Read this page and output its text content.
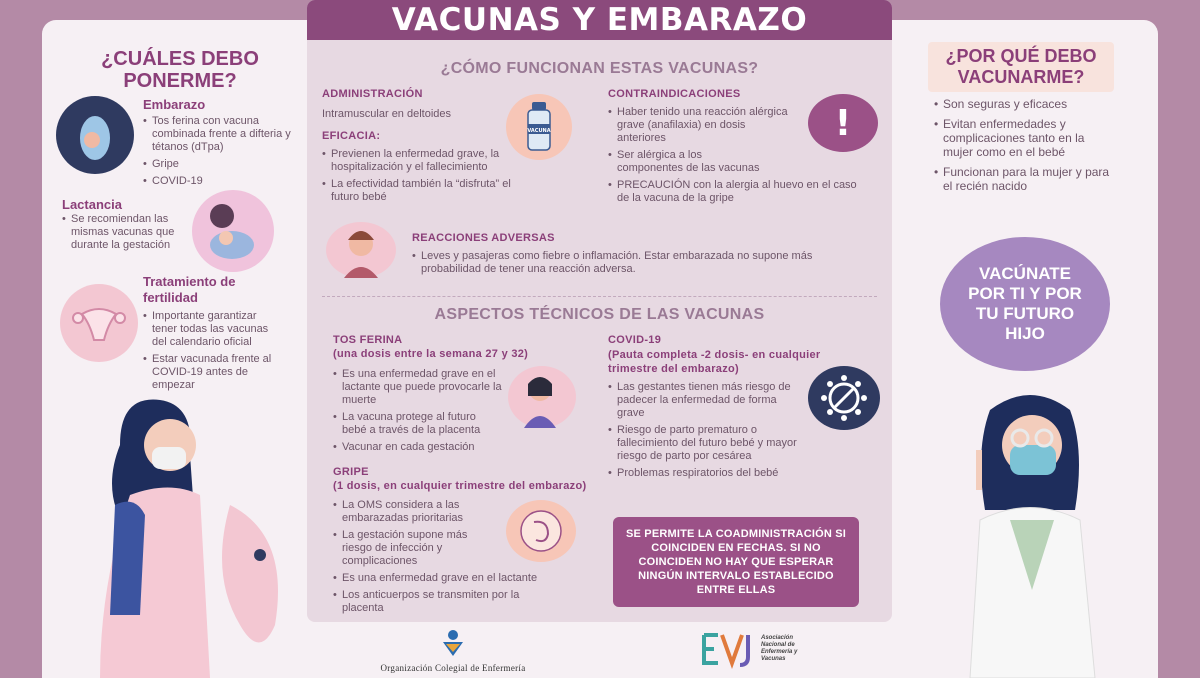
¿CUÁLES DEBO PONERME?
Embarazo
• Tos ferina con vacuna combinada frente a difteria y tétanos (dTpa)
• Gripe
• COVID-19
Lactancia
• Se recomiendan las mismas vacunas que durante la gestación
Tratamiento de fertilidad
• Importante garantizar tener todas las vacunas del calendario oficial
• Estar vacunada frente al COVID-19 antes de empezar
VACUNAS Y EMBARAZO
¿CÓMO FUNCIONAN ESTAS VACUNAS?
ADMINISTRACIÓN
Intramuscular en deltoides
EFICACIA:
• Previenen la enfermedad grave, la hospitalización y el fallecimiento
• La efectividad también la “disfruta” el futuro bebé
VACUNA
CONTRAINDICACIONES
• Haber tenido una reacción alérgica grave (anafilaxia) en dosis anteriores
• Ser alérgica a los componentes de las vacunas
• PRECAUCIÓN con la alergia al huevo en el caso de la vacuna de la gripe
!
REACCIONES ADVERSAS
• Leves y pasajeras como fiebre o inflamación. Estar embarazada no supone más probabilidad de tener una reacción adversa.
ASPECTOS TÉCNICOS DE LAS VACUNAS
TOS FERINA
(una dosis entre la semana 27 y 32)
• Es una enfermedad grave en el lactante que puede provocarle la muerte
• La vacuna protege al futuro bebé a través de la placenta
• Vacunar en cada gestación
GRIPE
(1 dosis, en cualquier trimestre del embarazo)
• La OMS considera a las embarazadas prioritarias
• La gestación supone más riesgo de infección y complicaciones
• Es una enfermedad grave en el lactante
• Los anticuerpos se transmiten por la placenta
COVID-19
(Pauta completa -2 dosis- en cualquier trimestre del embarazo)
• Las gestantes tienen más riesgo de padecer la enfermedad de forma grave
• Riesgo de parto prematuro o fallecimiento del futuro bebé y mayor riesgo de parto por cesárea
• Problemas respiratorios del bebé
SE PERMITE LA COADMINISTRACIÓN SI COINCIDEN EN FECHAS. SI NO COINCIDEN NO HAY QUE ESPERAR NINGÚN INTERVALO ESTABLECIDO ENTRE ELLAS
Organización Colegial de Enfermería
Asociación
Nacional de
Enfermería y
Vacunas
¿POR QUÉ DEBO VACUNARME?
• Son seguras y eficaces
• Evitan enfermedades y complicaciones tanto en la mujer como en el bebé
• Funcionan para la mujer y para el recién nacido
VACÚNATE POR TI Y POR TU FUTURO HIJO
